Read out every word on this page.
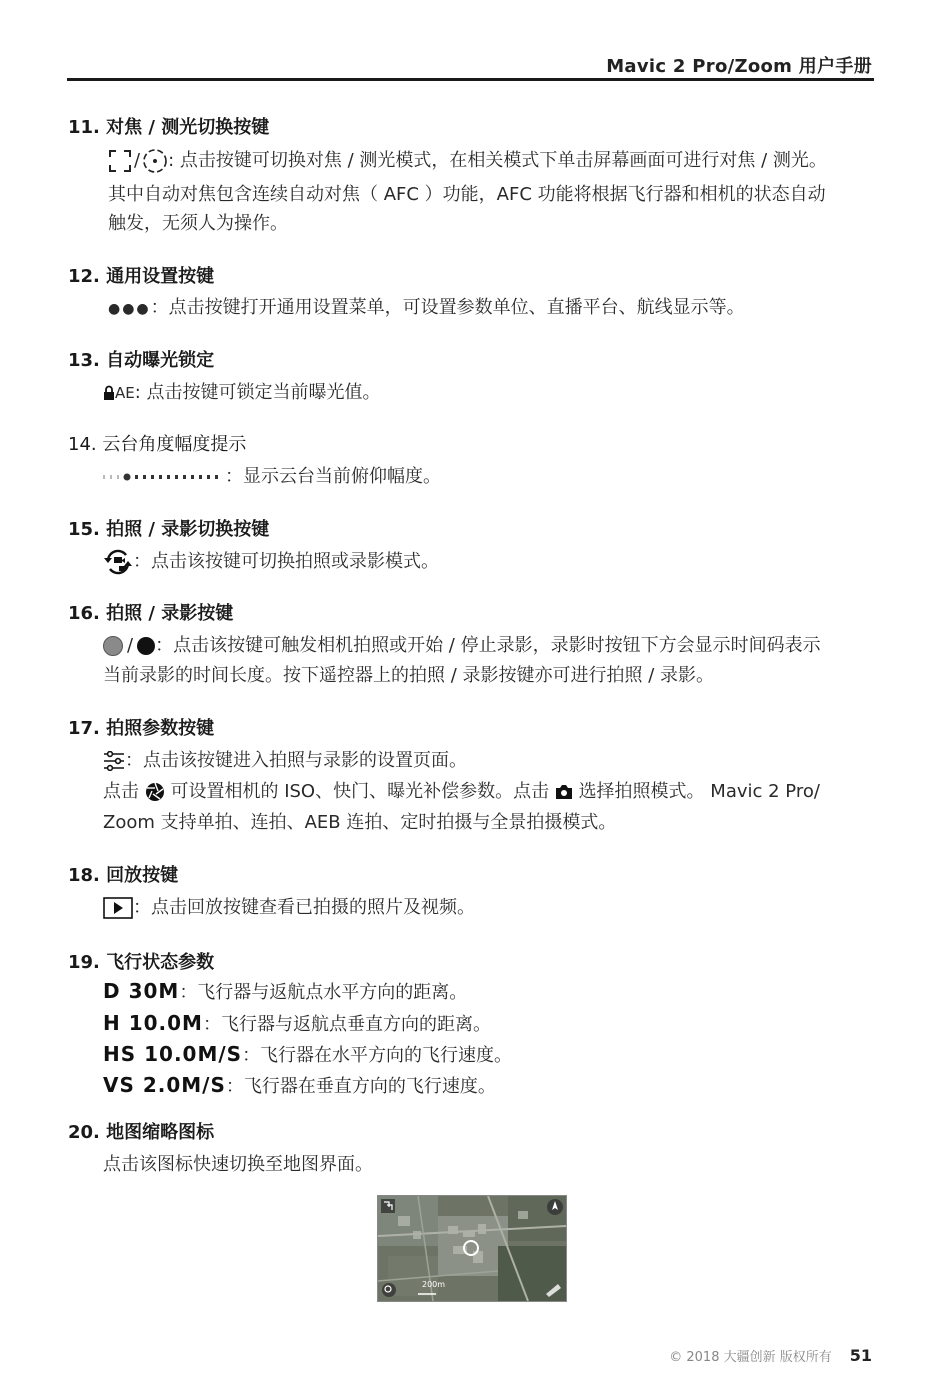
Mavic 2 Pro/Zoom 用户手册
11. 对焦 / 测光切换按键
/ : 点击按键可切换对焦 / 测光模式，在相关模式下单击屏幕画面可进行对焦 / 测光。
其中自动对焦包含连续自动对焦（ AFC ）功能，AFC 功能将根据飞行器和相机的状态自动
触发，无须人为操作。
12. 通用设置按键
●●●：点击按键打开通用设置菜单，可设置参数单位、直播平台、航线显示等。
13. 自动曝光锁定
AE: 点击按键可锁定当前曝光值。
14. 云台角度幅度提示
：显示云台当前俯仰幅度。
15. 拍照 / 录影切换按键
：点击该按键可切换拍照或录影模式。
16. 拍照 / 录影按键
/ ：点击该按键可触发相机拍照或开始 / 停止录影，录影时按钮下方会显示时间码表示
当前录影的时间长度。按下遥控器上的拍照 / 录影按键亦可进行拍照 / 录影。
17. 拍照参数按键
：点击该按键进入拍照与录影的设置页面。
点击 可设置相机的 ISO、快门、曝光补偿参数。点击 选择拍照模式。 Mavic 2 Pro/
Zoom 支持单拍、连拍、AEB 连拍、定时拍摄与全景拍摄模式。
18. 回放按键
：点击回放按键查看已拍摄的照片及视频。
19. 飞行状态参数
D 30M：飞行器与返航点水平方向的距离。
H 10.0M：飞行器与返航点垂直方向的距离。
HS 10.0M/S：飞行器在水平方向的飞行速度。
VS 2.0M/S：飞行器在垂直方向的飞行速度。
20. 地图缩略图标
点击该图标快速切换至地图界面。
200m
© 2018 大疆创新 版权所有 51
